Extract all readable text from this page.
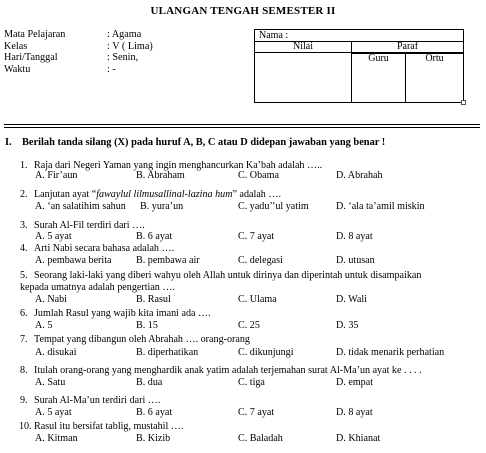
ULANGAN TENGAH SEMESTER II
Mata Pelajaran	: Agama
Kelas	: V ( Lima)
Hari/Tanggal	: Senin,
Waktu	: -
Nama :
Nilai	Paraf
Guru	Ortu
I. Berilah tanda silang (X) pada huruf A, B, C atau D didepan jawaban yang benar !
1. Raja dari Negeri Yaman yang ingin menghancurkan Ka’bah adalah …..
A. Fir’aun	B. Abraham	C. Obama	D. Abrahah
2. Lanjutan ayat “fawaylul lilmusallinal-lazina hum” adalah ….
A. ‘an salatihim sahun B. yura’un	C. yadu’’ul yatim	D. ‘ala ta’amil miskin
3. Surah Al-Fil terdiri dari ….
A. 5 ayat	B. 6 ayat	C. 7 ayat	D. 8 ayat
4. Arti Nabi secara bahasa adalah ….
A. pembawa berita B. pembawa air	C. delegasi	D. utusan
5. Seorang laki-laki yang diberi wahyu oleh Allah untuk dirinya dan diperintah untuk disampaikan
kepada umatnya adalah pengertian ….
A. Nabi	B. Rasul	C. Ulama	D. Wali
6. Jumlah Rasul yang wajib kita imani ada ….
A. 5	B. 15	C. 25	D. 35
7. Tempat yang dibangun oleh Abrahah …. orang-orang
A. disukai	B. diperhatikan	C. dikunjungi	D. tidak menarik perhatian
8. Itulah orang-orang yang menghardik anak yatim adalah terjemahan surat Al-Ma’un ayat ke . . . .
A. Satu	B. dua	C. tiga	D. empat
9. Surah Al-Ma’un terdiri dari ….
A. 5 ayat	B. 6 ayat	C. 7 ayat	D. 8 ayat
10. Rasul itu bersifat tablig, mustahil ….
A. Kitman	B. Kizib	C. Baladah	D. Khianat
